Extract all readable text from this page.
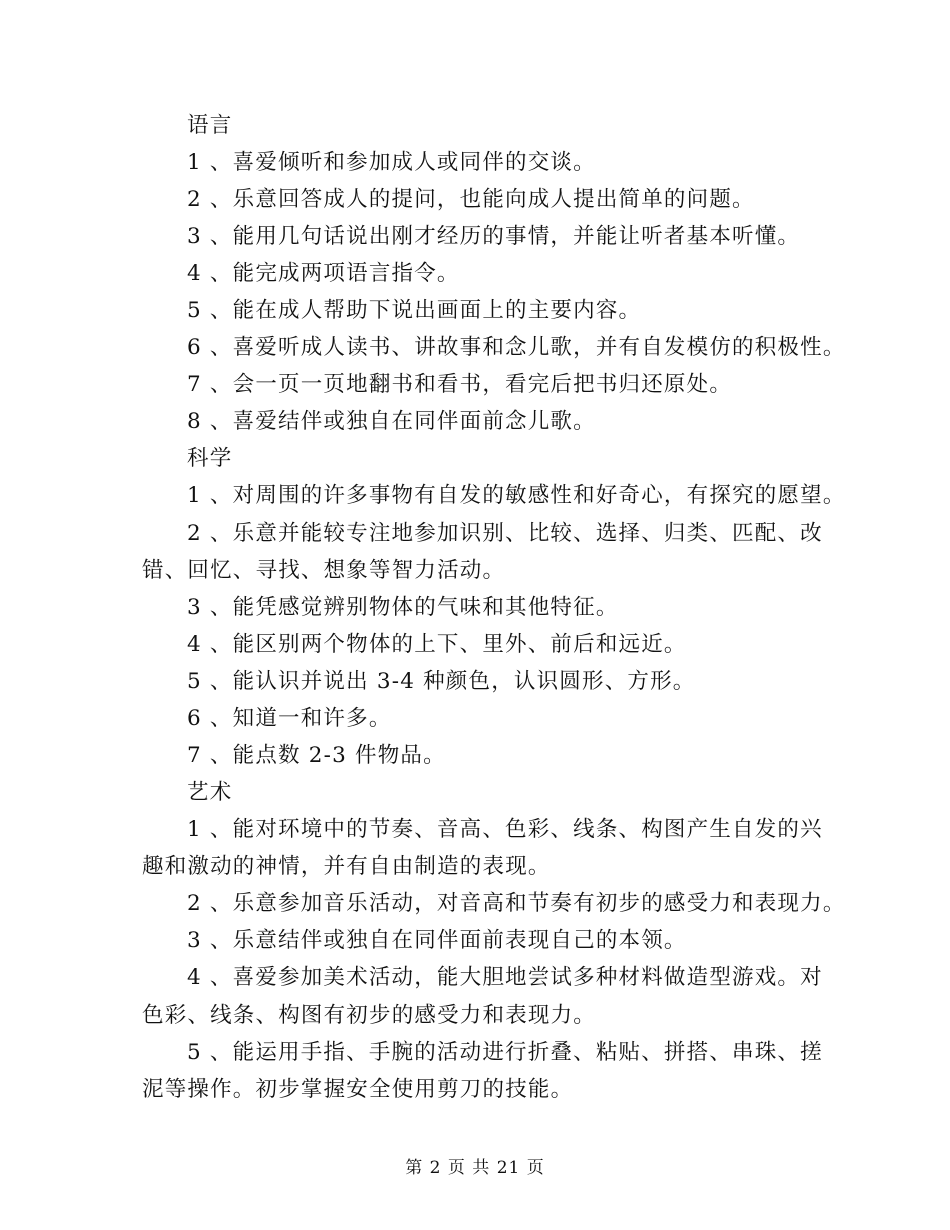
语言
1 、喜爱倾听和参加成人或同伴的交谈。
2 、乐意回答成人的提问，也能向成人提出简单的问题。
3 、能用几句话说出刚才经历的事情，并能让听者基本听懂。
4 、能完成两项语言指令。
5 、能在成人帮助下说出画面上的主要内容。
6 、喜爱听成人读书、讲故事和念儿歌，并有自发模仿的积极性。
7 、会一页一页地翻书和看书，看完后把书归还原处。
8 、喜爱结伴或独自在同伴面前念儿歌。
科学
1 、对周围的许多事物有自发的敏感性和好奇心，有探究的愿望。
2 、乐意并能较专注地参加识别、比较、选择、归类、匹配、改
错、回忆、寻找、想象等智力活动。
3 、能凭感觉辨别物体的气味和其他特征。
4 、能区别两个物体的上下、里外、前后和远近。
5 、能认识并说出 3-4 种颜色，认识圆形、方形。
6 、知道一和许多。
7 、能点数 2-3 件物品。
艺术
1 、能对环境中的节奏、音高、色彩、线条、构图产生自发的兴
趣和激动的神情，并有自由制造的表现。
2 、乐意参加音乐活动，对音高和节奏有初步的感受力和表现力。
3 、乐意结伴或独自在同伴面前表现自己的本领。
4 、喜爱参加美术活动，能大胆地尝试多种材料做造型游戏。对
色彩、线条、构图有初步的感受力和表现力。
5 、能运用手指、手腕的活动进行折叠、粘贴、拼搭、串珠、搓
泥等操作。初步掌握安全使用剪刀的技能。
第 2 页 共 21 页
